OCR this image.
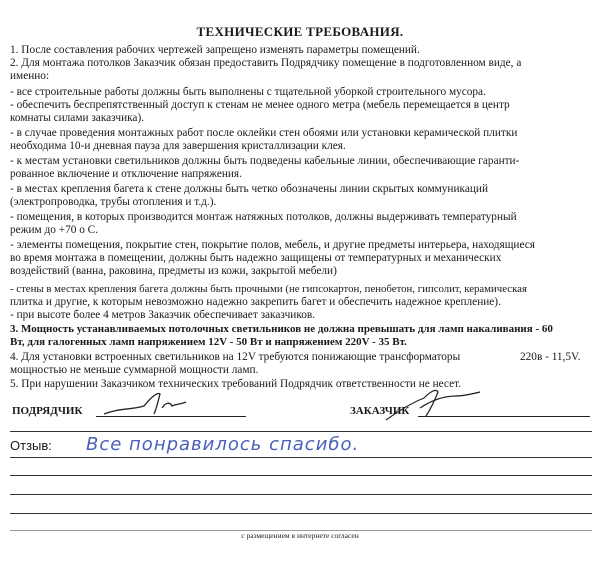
ТЕХНИЧЕСКИЕ ТРЕБОВАНИЯ.
1. После составления рабочих чертежей запрещено изменять параметры помещений.
2. Для монтажа потолков Заказчик обязан предоставить Подрядчику помещение в подготовленном виде, а
именно:
- все строительные работы должны быть выполнены с тщательной уборкой строительного мусора.
- обеспечить беспрепятственный доступ к стенам не менее одного метра (мебель перемещается в центр
комнаты силами заказчика).
- в случае проведения монтажных работ после оклейки стен обоями или установки керамической плитки
необходима 10-и дневная пауза для завершения кристаллизации клея.
- к местам установки светильников должны быть подведены кабельные линии, обеспечивающие гаранти-
рованное включение и отключение напряжения.
- в местах крепления багета к стене должны быть четко обозначены линии скрытых коммуникаций
(электропроводка, трубы отопления и т.д.).
- помещения, в которых производится монтаж натяжных потолков, должны выдерживать температурный
режим до +70 о С.
- элементы помещения, покрытие стен, покрытие полов, мебель, и другие предметы интерьера, находящиеся
во время монтажа в помещении, должны быть надежно защищены от температурных и механических
воздействий (ванна, раковина, предметы из кожи, закрытой мебели)
- стены в местах крепления багета должны быть прочными (не гипсокартон, пенобетон, гипсолит, керамическая
плитка и другие, к которым невозможно надежно закрепить багет и обеспечить надежное крепление).
- при высоте более 4 метров Заказчик обеспечивает заказчиков.
3. Мощность устанавливаемых потолочных светильников не должна превышать для ламп накаливания - 60
Вт, для галогенных ламп напряжением 12V - 50 Вт и напряжением 220V - 35 Вт.
4. Для установки встроенных светильников на 12V требуются понижающие трансформаторы	220в - 11,5V.
мощностью не меньше суммарной мощности ламп.
5. При нарушении Заказчиком технических требований Подрядчик ответственности не несет.
ПОДРЯДЧИК	ЗАКАЗЧИК
Отзыв: Все понравилось спасибо.
с размещением в интернете согласен
